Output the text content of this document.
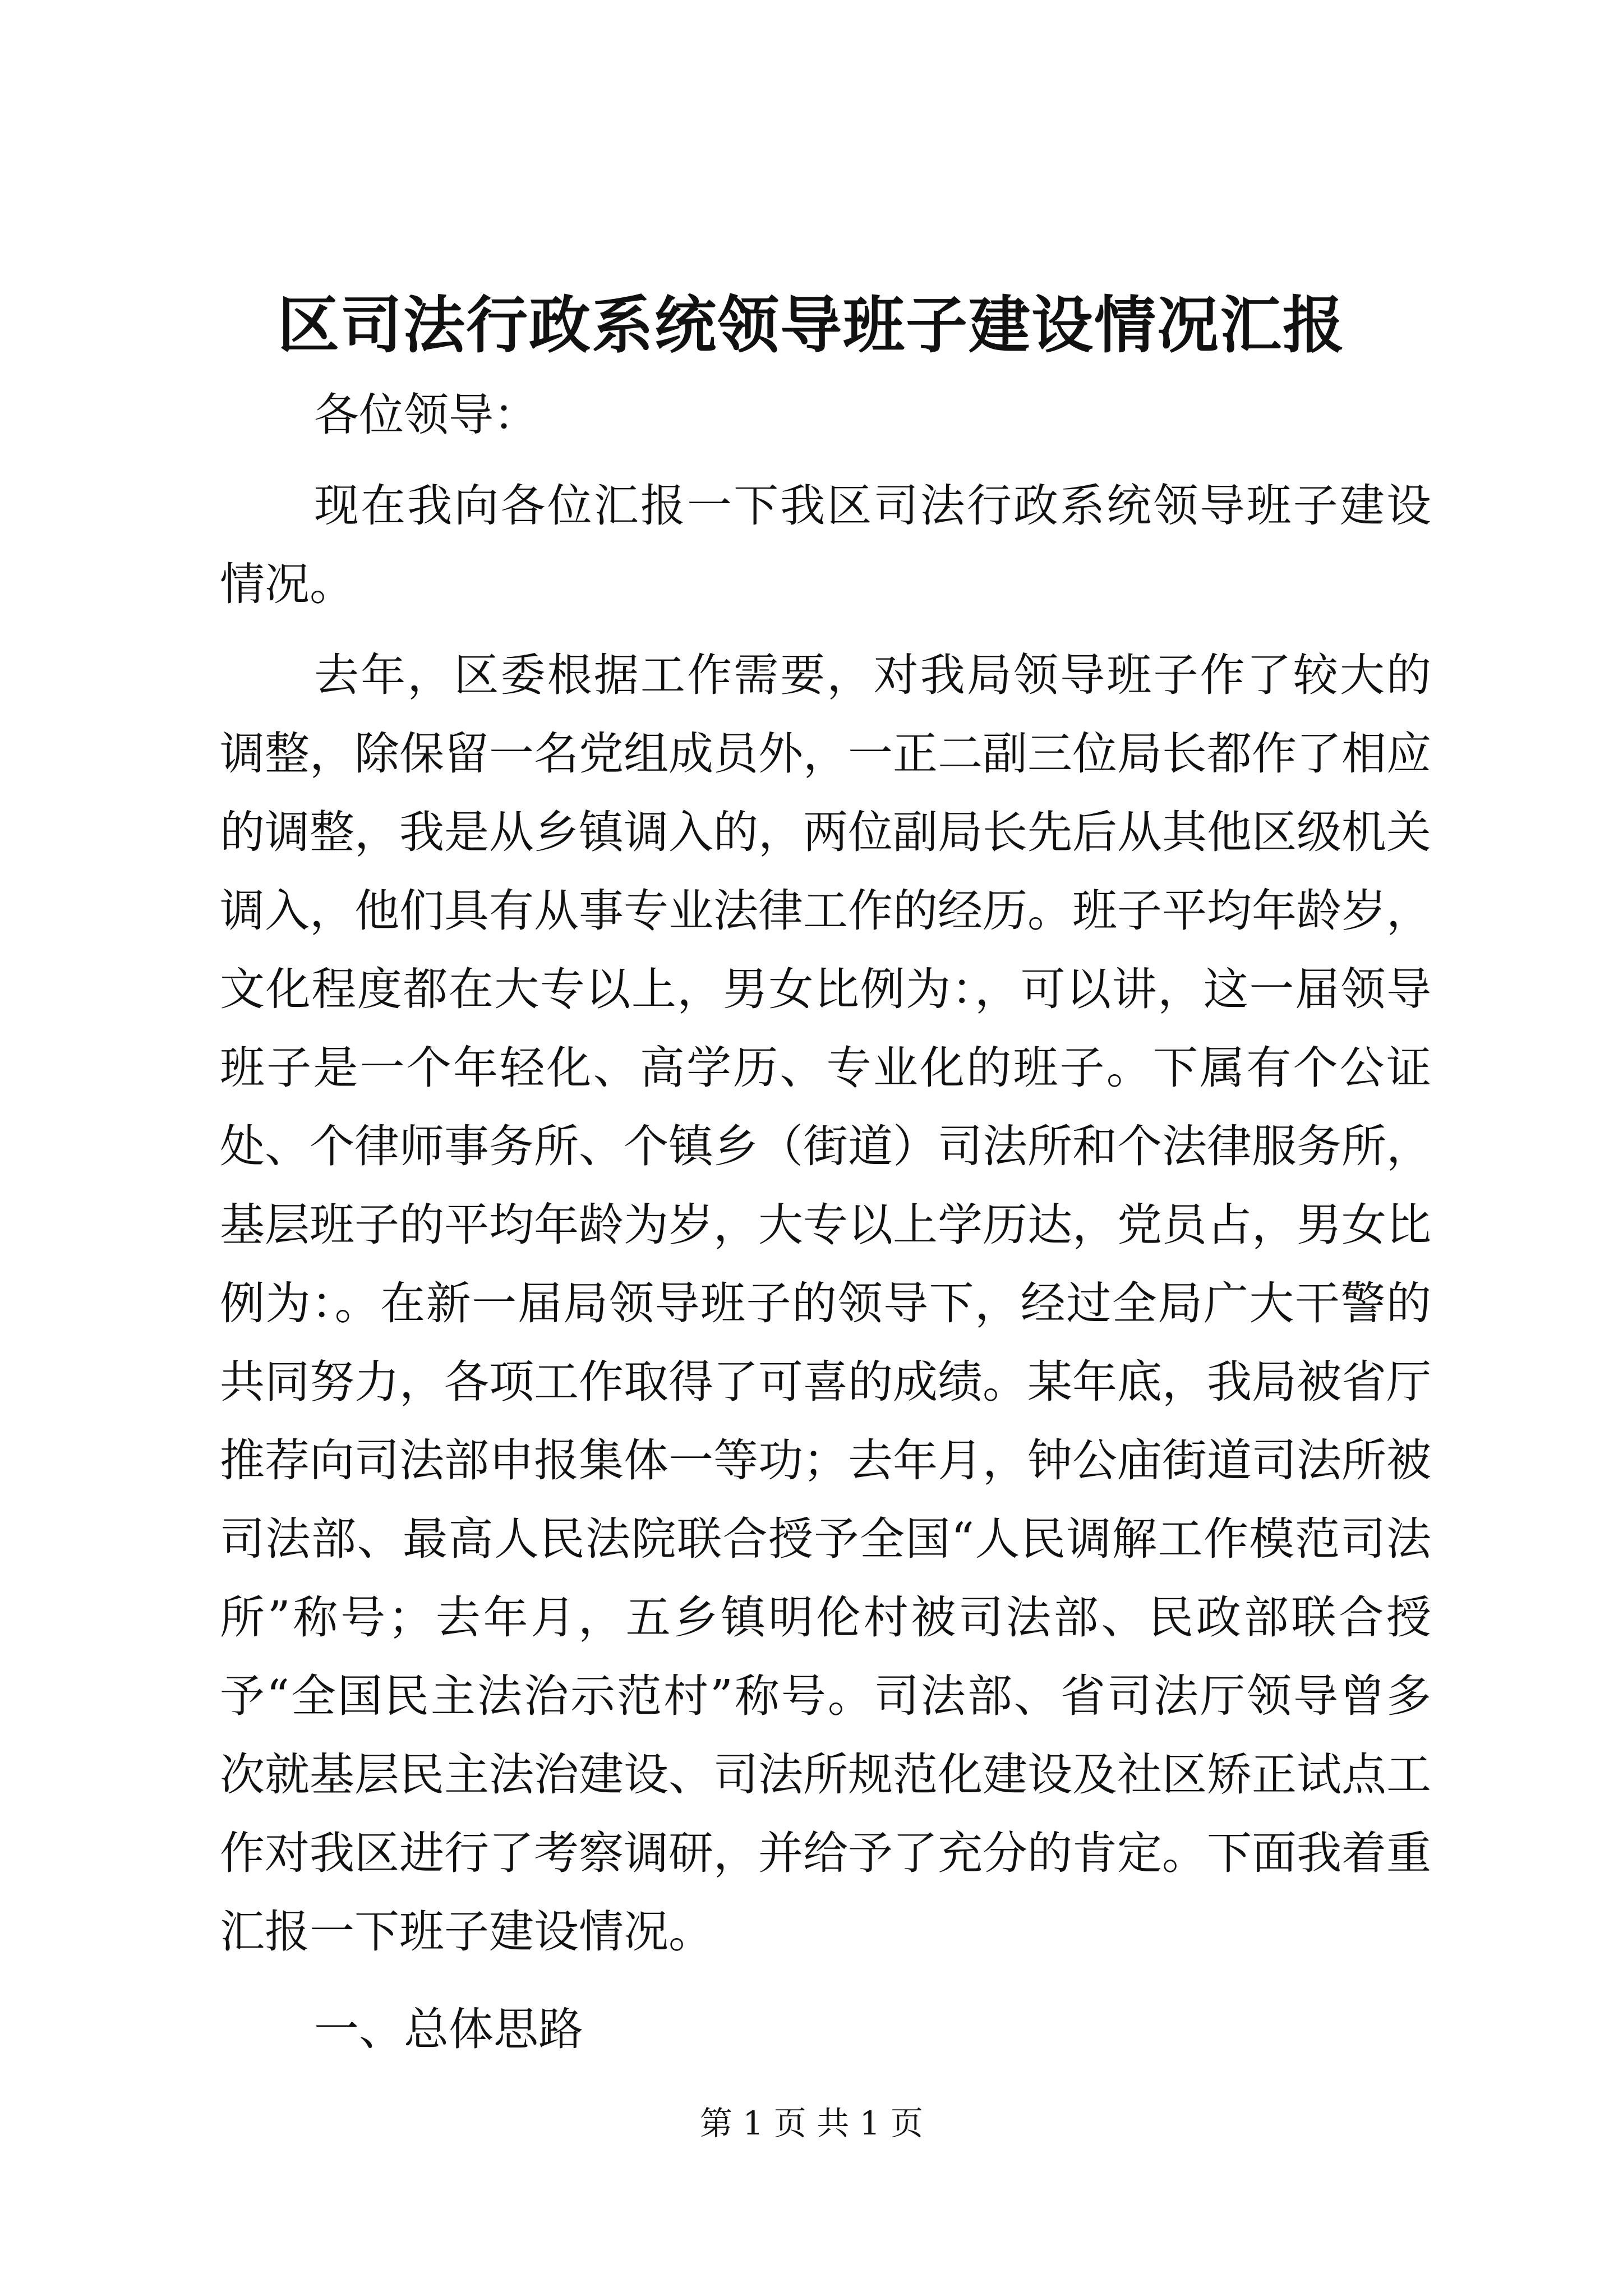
区司法行政系统领导班子建设情况汇报

各位领导：

现在我向各位汇报一下我区司法行政系统领导班子建设情况。

去年，区委根据工作需要，对我局领导班子作了较大的调整，除保留一名党组成员外，一正二副三位局长都作了相应的调整，我是从乡镇调入的，两位副局长先后从其他区级机关调入，他们具有从事专业法律工作的经历。班子平均年龄岁，文化程度都在大专以上，男女比例为：，可以讲，这一届领导班子是一个年轻化、高学历、专业化的班子。下属有个公证处、个律师事务所、个镇乡（街道）司法所和个法律服务所，基层班子的平均年龄为岁，大专以上学历达，党员占，男女比例为：。在新一届局领导班子的领导下，经过全局广大干警的共同努力，各项工作取得了可喜的成绩。某年底，我局被省厅推荐向司法部申报集体一等功；去年月，钟公庙街道司法所被司法部、最高人民法院联合授予全国“人民调解工作模范司法所”称号；去年月，五乡镇明伦村被司法部、民政部联合授予“全国民主法治示范村”称号。司法部、省司法厅领导曾多次就基层民主法治建设、司法所规范化建设及社区矫正试点工作对我区进行了考察调研，并给予了充分的肯定。下面我着重汇报一下班子建设情况。

一、总体思路

第 1 页 共 1 页
